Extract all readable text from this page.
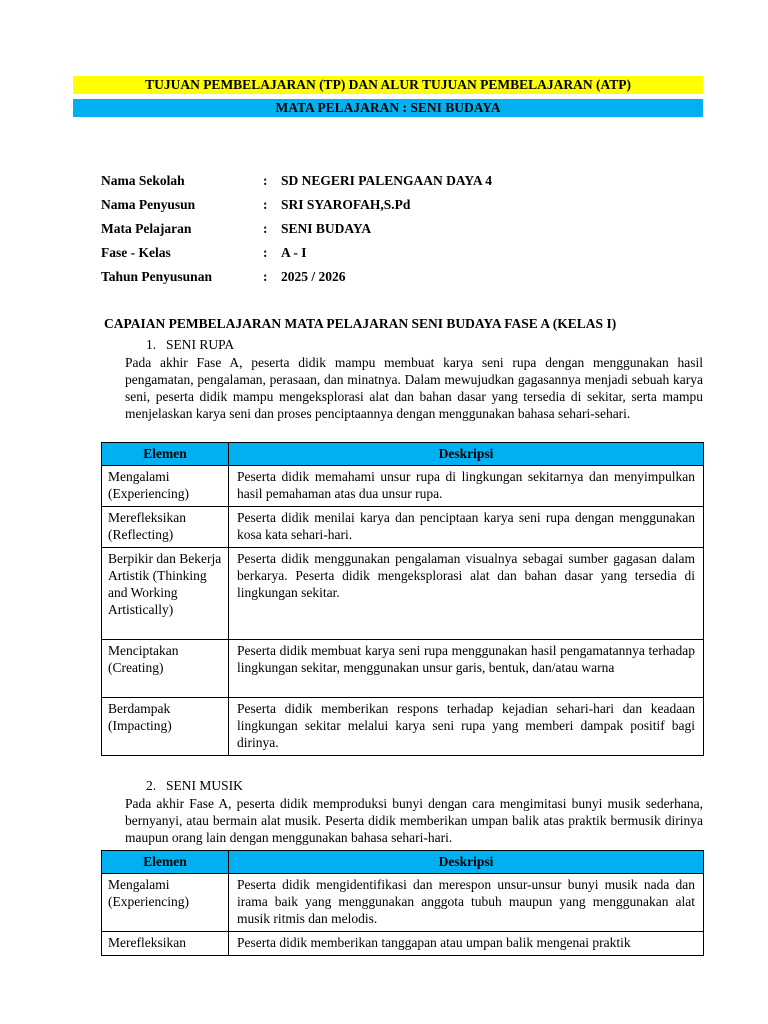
TUJUAN PEMBELAJARAN (TP) DAN ALUR TUJUAN PEMBELAJARAN (ATP)
MATA PELAJARAN : SENI BUDAYA
Nama Sekolah	:	SD NEGERI PALENGAAN DAYA 4
Nama Penyusun	:	SRI SYAROFAH,S.Pd
Mata Pelajaran	:	SENI BUDAYA
Fase - Kelas	:	A - I
Tahun Penyusunan	:	2025 / 2026
CAPAIAN PEMBELAJARAN MATA PELAJARAN SENI BUDAYA FASE A (KELAS I)
1. SENI RUPA
Pada akhir Fase A, peserta didik mampu membuat karya seni rupa dengan menggunakan hasil pengamatan, pengalaman, perasaan, dan minatnya. Dalam mewujudkan gagasannya menjadi sebuah karya seni, peserta didik mampu mengeksplorasi alat dan bahan dasar yang tersedia di sekitar, serta mampu menjelaskan karya seni dan proses penciptaannya dengan menggunakan bahasa sehari-sehari.
Elemen	Deskripsi
Mengalami (Experiencing)	Peserta didik memahami unsur rupa di lingkungan sekitarnya dan menyimpulkan hasil pemahaman atas dua unsur rupa.
Merefleksikan (Reflecting)	Peserta didik menilai karya dan penciptaan karya seni rupa dengan menggunakan kosa kata sehari-hari.
Berpikir dan Bekerja Artistik (Thinking and Working Artistically)	Peserta didik menggunakan pengalaman visualnya sebagai sumber gagasan dalam berkarya. Peserta didik mengeksplorasi alat dan bahan dasar yang tersedia di lingkungan sekitar.
Menciptakan (Creating)	Peserta didik membuat karya seni rupa menggunakan hasil pengamatannya terhadap lingkungan sekitar, menggunakan unsur garis, bentuk, dan/atau warna
Berdampak (Impacting)	Peserta didik memberikan respons terhadap kejadian sehari-hari dan keadaan lingkungan sekitar melalui karya seni rupa yang memberi dampak positif bagi dirinya.
2. SENI MUSIK
Pada akhir Fase A, peserta didik memproduksi bunyi dengan cara mengimitasi bunyi musik sederhana, bernyanyi, atau bermain alat musik. Peserta didik memberikan umpan balik atas praktik bermusik dirinya maupun orang lain dengan menggunakan bahasa sehari-hari.
Elemen	Deskripsi
Mengalami (Experiencing)	Peserta didik mengidentifikasi dan merespon unsur-unsur bunyi musik nada dan irama baik yang menggunakan anggota tubuh maupun yang menggunakan alat musik ritmis dan melodis.
Merefleksikan	Peserta didik memberikan tanggapan atau umpan balik mengenai praktik
